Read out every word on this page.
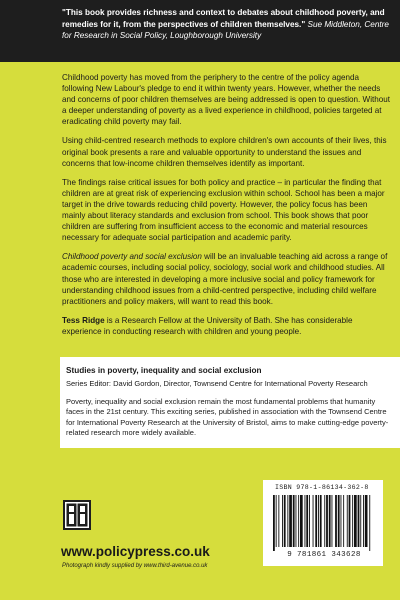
"This book provides richness and context to debates about childhood poverty, and remedies for it, from the perspectives of children themselves." Sue Middleton, Centre for Research in Social Policy, Loughborough University

Childhood poverty has moved from the periphery to the centre of the policy agenda following New Labour's pledge to end it within twenty years. However, whether the needs and concerns of poor children themselves are being addressed is open to question. Without a deeper understanding of poverty as a lived experience in childhood, policies targeted at eradicating child poverty may fail.

Using child-centred research methods to explore children's own accounts of their lives, this original book presents a rare and valuable opportunity to understand the issues and concerns that low-income children themselves identify as important.

The findings raise critical issues for both policy and practice – in particular the finding that children are at great risk of experiencing exclusion within school. School has been a major target in the drive towards reducing child poverty. However, the policy focus has been mainly about literacy standards and exclusion from school. This book shows that poor children are suffering from insufficient access to the economic and material resources necessary for adequate social participation and academic parity.

Childhood poverty and social exclusion will be an invaluable teaching aid across a range of academic courses, including social policy, sociology, social work and childhood studies. All those who are interested in developing a more inclusive social and policy framework for understanding childhood issues from a child-centred perspective, including child welfare practitioners and policy makers, will want to read this book.

Tess Ridge is a Research Fellow at the University of Bath. She has considerable experience in conducting research with children and young people.

Studies in poverty, inequality and social exclusion
Series Editor: David Gordon, Director, Townsend Centre for International Poverty Research
Poverty, inequality and social exclusion remain the most fundamental problems that humanity faces in the 21st century. This exciting series, published in association with the Townsend Centre for International Poverty Research at the University of Bristol, aims to make cutting-edge poverty-related research more widely available.
www.policypress.co.uk
Photograph kindly supplied by www.third-avenue.co.uk
ISBN 978-1-86134-362-8
9 781861 343628
